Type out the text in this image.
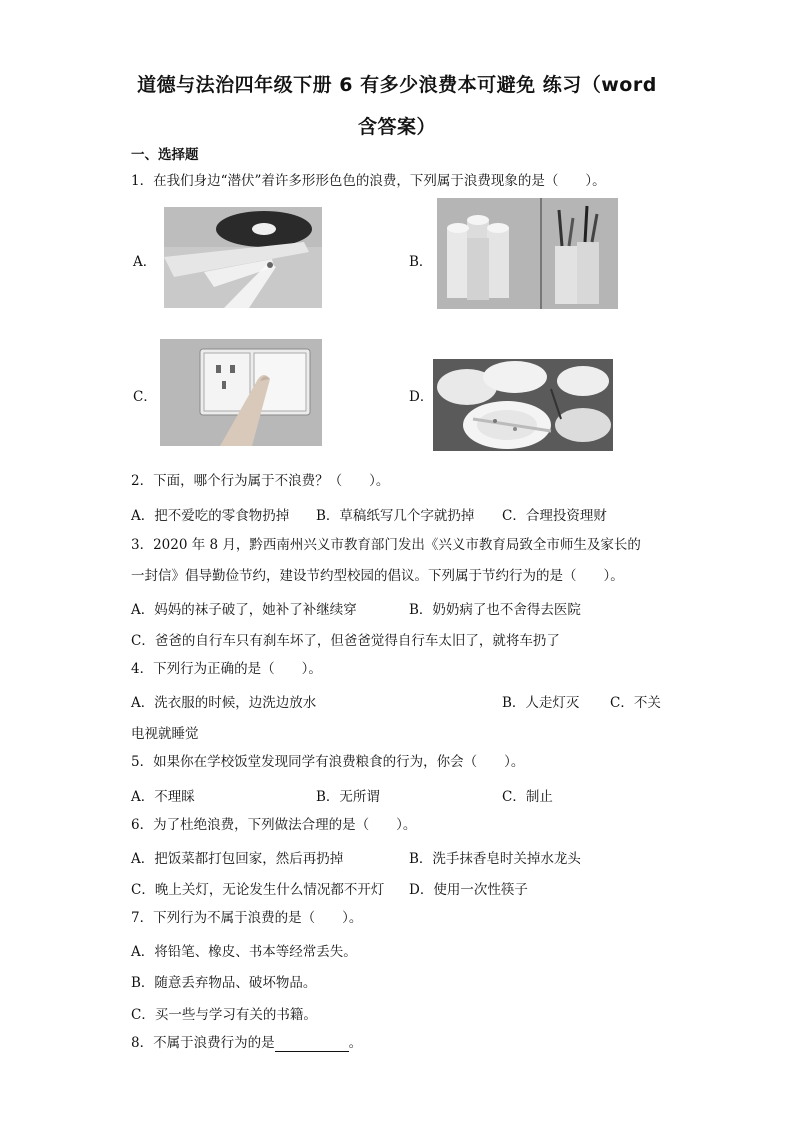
道德与法治四年级下册 6 有多少浪费本可避免 练习（word
含答案）
一、选择题
1．在我们身边“潜伏”着许多形形色色的浪费，下列属于浪费现象的是（　　）。
A．	B．
C．	D．
2．下面，哪个行为属于不浪费？（　　）。
A．把不爱吃的零食物扔掉 B．草稿纸写几个字就扔掉 C．合理投资理财
3．2020 年 8 月，黔西南州兴义市教育部门发出《兴义市教育局致全市师生及家长的
一封信》倡导勤俭节约，建设节约型校园的倡议。下列属于节约行为的是（　　）。
A．妈妈的袜子破了，她补了补继续穿	B．奶奶病了也不舍得去医院
C．爸爸的自行车只有刹车坏了，但爸爸觉得自行车太旧了，就将车扔了
4．下列行为正确的是（　　）。
A．洗衣服的时候，边洗边放水	B．人走灯灭 C．不关
电视就睡觉
5．如果你在学校饭堂发现同学有浪费粮食的行为，你会（　　）。
A．不理睬	B．无所谓	C．制止
6．为了杜绝浪费，下列做法合理的是（　　）。
A．把饭菜都打包回家，然后再扔掉	B．洗手抹香皂时关掉水龙头
C．晚上关灯，无论发生什么情况都不开灯 D．使用一次性筷子
7．下列行为不属于浪费的是（　　）。
A．将铅笔、橡皮、书本等经常丢失。
B．随意丢弃物品、破坏物品。
C．买一些与学习有关的书籍。
8．不属于浪费行为的是	。
